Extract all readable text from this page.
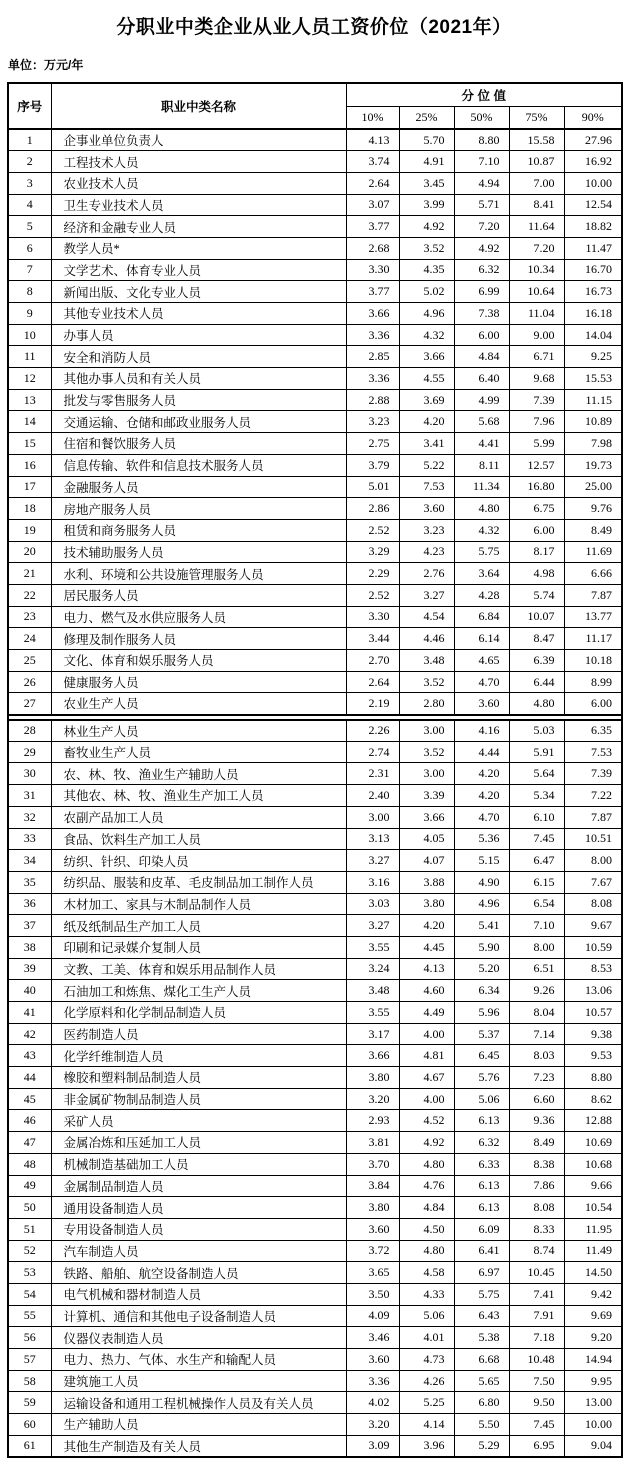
分职业中类企业从业人员工资价位（2021年）
单位：万元/年
序号	职业中类名称	分 位 值				
		10%	25%	50%	75%	90%
1	企事业单位负责人	4.13	5.70	8.80	15.58	27.96
2	工程技术人员	3.74	4.91	7.10	10.87	16.92
3	农业技术人员	2.64	3.45	4.94	7.00	10.00
4	卫生专业技术人员	3.07	3.99	5.71	8.41	12.54
5	经济和金融专业人员	3.77	4.92	7.20	11.64	18.82
6	教学人员*	2.68	3.52	4.92	7.20	11.47
7	文学艺术、体育专业人员	3.30	4.35	6.32	10.34	16.70
8	新闻出版、文化专业人员	3.77	5.02	6.99	10.64	16.73
9	其他专业技术人员	3.66	4.96	7.38	11.04	16.18
10	办事人员	3.36	4.32	6.00	9.00	14.04
11	安全和消防人员	2.85	3.66	4.84	6.71	9.25
12	其他办事人员和有关人员	3.36	4.55	6.40	9.68	15.53
13	批发与零售服务人员	2.88	3.69	4.99	7.39	11.15
14	交通运输、仓储和邮政业服务人员	3.23	4.20	5.68	7.96	10.89
15	住宿和餐饮服务人员	2.75	3.41	4.41	5.99	7.98
16	信息传输、软件和信息技术服务人员	3.79	5.22	8.11	12.57	19.73
17	金融服务人员	5.01	7.53	11.34	16.80	25.00
18	房地产服务人员	2.86	3.60	4.80	6.75	9.76
19	租赁和商务服务人员	2.52	3.23	4.32	6.00	8.49
20	技术辅助服务人员	3.29	4.23	5.75	8.17	11.69
21	水利、环境和公共设施管理服务人员	2.29	2.76	3.64	4.98	6.66
22	居民服务人员	2.52	3.27	4.28	5.74	7.87
23	电力、燃气及水供应服务人员	3.30	4.54	6.84	10.07	13.77
24	修理及制作服务人员	3.44	4.46	6.14	8.47	11.17
25	文化、体育和娱乐服务人员	2.70	3.48	4.65	6.39	10.18
26	健康服务人员	2.64	3.52	4.70	6.44	8.99
27	农业生产人员	2.19	2.80	3.60	4.80	6.00

28	林业生产人员	2.26	3.00	4.16	5.03	6.35
29	畜牧业生产人员	2.74	3.52	4.44	5.91	7.53
30	农、林、牧、渔业生产辅助人员	2.31	3.00	4.20	5.64	7.39
31	其他农、林、牧、渔业生产加工人员	2.40	3.39	4.20	5.34	7.22
32	农副产品加工人员	3.00	3.66	4.70	6.10	7.87
33	食品、饮料生产加工人员	3.13	4.05	5.36	7.45	10.51
34	纺织、针织、印染人员	3.27	4.07	5.15	6.47	8.00
35	纺织品、服装和皮革、毛皮制品加工制作人员	3.16	3.88	4.90	6.15	7.67
36	木材加工、家具与木制品制作人员	3.03	3.80	4.96	6.54	8.08
37	纸及纸制品生产加工人员	3.27	4.20	5.41	7.10	9.67
38	印刷和记录媒介复制人员	3.55	4.45	5.90	8.00	10.59
39	文教、工美、体育和娱乐用品制作人员	3.24	4.13	5.20	6.51	8.53
40	石油加工和炼焦、煤化工生产人员	3.48	4.60	6.34	9.26	13.06
41	化学原料和化学制品制造人员	3.55	4.49	5.96	8.04	10.57
42	医药制造人员	3.17	4.00	5.37	7.14	9.38
43	化学纤维制造人员	3.66	4.81	6.45	8.03	9.53
44	橡胶和塑料制品制造人员	3.80	4.67	5.76	7.23	8.80
45	非金属矿物制品制造人员	3.20	4.00	5.06	6.60	8.62
46	采矿人员	2.93	4.52	6.13	9.36	12.88
47	金属冶炼和压延加工人员	3.81	4.92	6.32	8.49	10.69
48	机械制造基础加工人员	3.70	4.80	6.33	8.38	10.68
49	金属制品制造人员	3.84	4.76	6.13	7.86	9.66
50	通用设备制造人员	3.80	4.84	6.13	8.08	10.54
51	专用设备制造人员	3.60	4.50	6.09	8.33	11.95
52	汽车制造人员	3.72	4.80	6.41	8.74	11.49
53	铁路、船舶、航空设备制造人员	3.65	4.58	6.97	10.45	14.50
54	电气机械和器材制造人员	3.50	4.33	5.75	7.41	9.42
55	计算机、通信和其他电子设备制造人员	4.09	5.06	6.43	7.91	9.69
56	仪器仪表制造人员	3.46	4.01	5.38	7.18	9.20
57	电力、热力、气体、水生产和输配人员	3.60	4.73	6.68	10.48	14.94
58	建筑施工人员	3.36	4.26	5.65	7.50	9.95
59	运输设备和通用工程机械操作人员及有关人员	4.02	5.25	6.80	9.50	13.00
60	生产辅助人员	3.20	4.14	5.50	7.45	10.00
61	其他生产制造及有关人员	3.09	3.96	5.29	6.95	9.04
